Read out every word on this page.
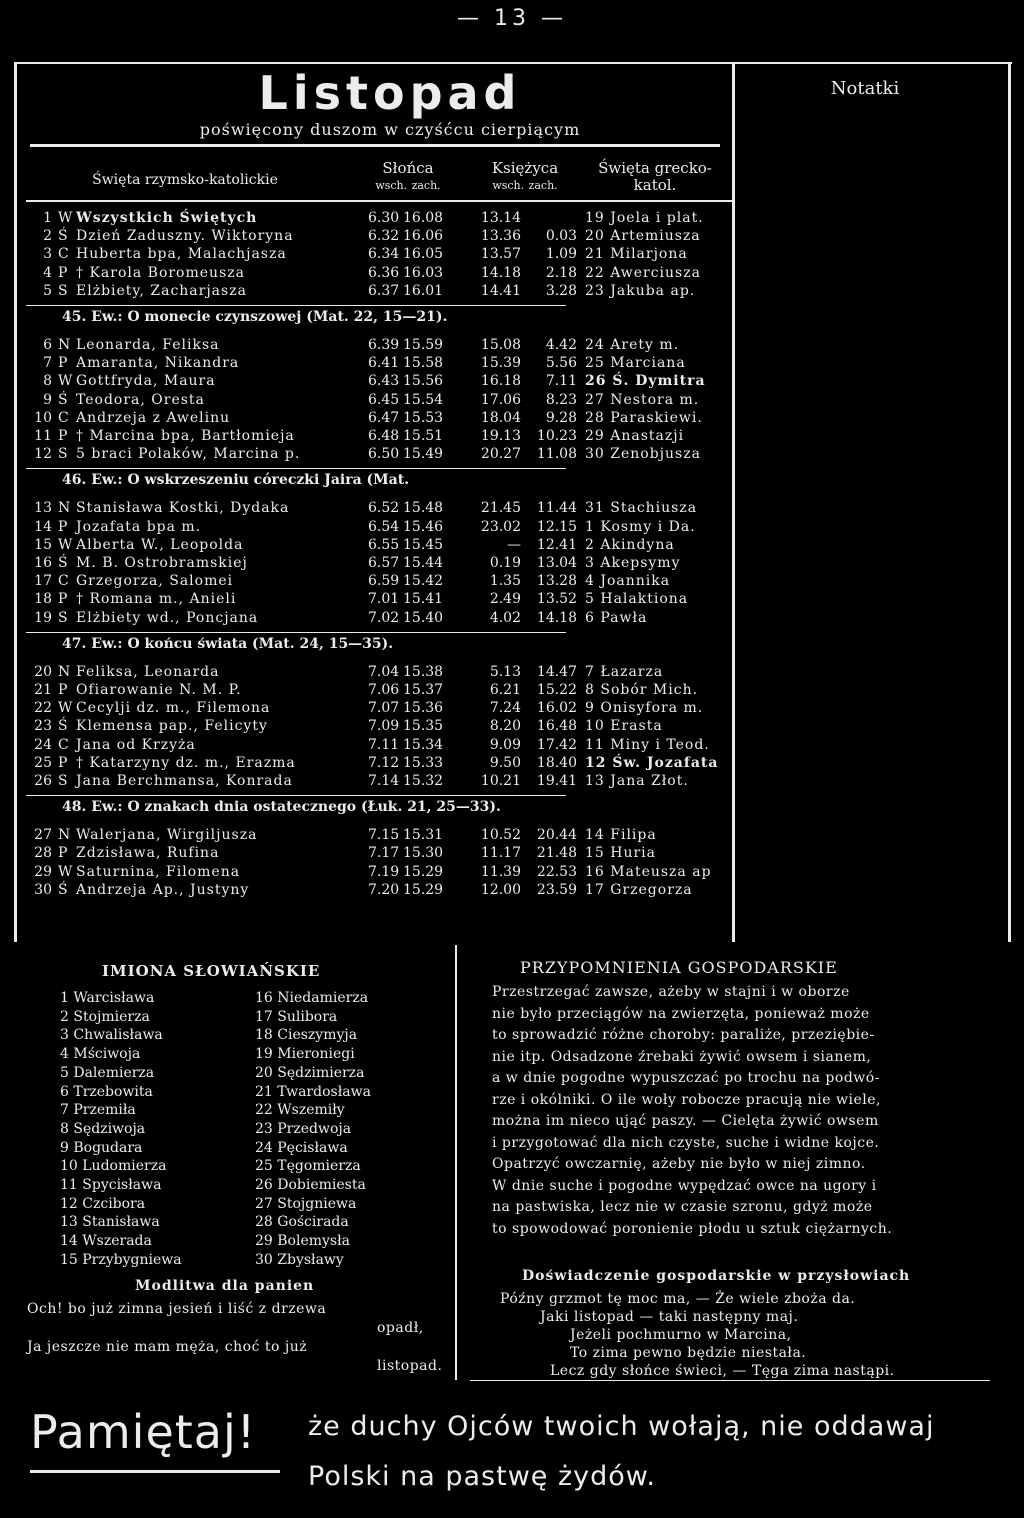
— 13 —
Listopad
poświęcony duszom w czyśćcu cierpiącym
Notatki
Święta rzymsko-katolickie
Słońca
wsch. zach.
Księżyca
wsch. zach.
Święta grecko-katol.
1 W Wszystkich Świętych	6.30 16.08	13.14	19 Joela i plat.
2 Ś Dzień Zaduszny. Wiktoryna	6.32 16.06	13.36	0.03 20 Artemiusza
3 C Huberta bpa, Malachjasza	6.34 16.05	13.57	1.09 21 Milarjona
4 P † Karola Boromeusza	6.36 16.03	14.18	2.18 22 Awerciusza
5 S Elżbiety, Zacharjasza	6.37 16.01	14.41	3.28 23 Jakuba ap.
45. Ew.: O monecie czynszowej (Mat. 22, 15—21).
6 N Leonarda, Feliksa	6.39 15.59	15.08	4.42 24 Arety m.
7 P Amaranta, Nikandra	6.41 15.58	15.39	5.56 25 Marciana
8 W Gottfryda, Maura	6.43 15.56	16.18	7.11 26 Ś. Dymitra
9 Ś Teodora, Oresta	6.45 15.54	17.06	8.23 27 Nestora m.
10 C Andrzeja z Awelinu	6.47 15.53	18.04	9.28 28 Paraskiewi.
11 P † Marcina bpa, Bartłomieja	6.48 15.51	19.13	10.23 29 Anastazji
12 S 5 braci Polaków, Marcina p.	6.50 15.49	20.27	11.08 30 Zenobjusza
46. Ew.: O wskrzeszeniu córeczki Jaira (Mat.
13 N Stanisława Kostki, Dydaka	6.52 15.48	21.45	11.44 31 Stachiusza
14 P Jozafata bpa m.	6.54 15.46	23.02	12.15 1 Kosmy i Da.
15 W Alberta W., Leopolda	6.55 15.45	—	12.41 2 Akindyna
16 Ś M. B. Ostrobramskiej	6.57 15.44	0.19	13.04 3 Akepsymy
17 C Grzegorza, Salomei	6.59 15.42	1.35	13.28 4 Joannika
18 P † Romana m., Anieli	7.01 15.41	2.49	13.52 5 Halaktiona
19 S Elżbiety wd., Poncjana	7.02 15.40	4.02	14.18 6 Pawła
47. Ew.: O końcu świata (Mat. 24, 15—35).
20 N Feliksa, Leonarda	7.04 15.38	5.13	14.47 7 Łazarza
21 P Ofiarowanie N. M. P.	7.06 15.37	6.21	15.22 8 Sobór Mich.
22 W Cecylji dz. m., Filemona	7.07 15.36	7.24	16.02 9 Onisyfora m.
23 Ś Klemensa pap., Felicyty	7.09 15.35	8.20	16.48 10 Erasta
24 C Jana od Krzyża	7.11 15.34	9.09	17.42 11 Miny i Teod.
25 P † Katarzyny dz. m., Erazma	7.12 15.33	9.50	18.40 12 Św. Jozafata
26 S Jana Berchmansa, Konrada	7.14 15.32	10.21	19.41 13 Jana Złot.
48. Ew.: O znakach dnia ostatecznego (Łuk. 21, 25—33).
27 N Walerjana, Wirgiljusza	7.15 15.31	10.52	20.44 14 Filipa
28 P Zdzisława, Rufina	7.17 15.30	11.17	21.48 15 Huria
29 W Saturnina, Filomena	7.19 15.29	11.39	22.53 16 Mateusza ap
30 Ś Andrzeja Ap., Justyny	7.20 15.29	12.00	23.59 17 Grzegorza
IMIONA SŁOWIAŃSKIE
1 Warcisława
2 Stojmierza
3 Chwalisława
4 Mściwoja
5 Dalemierza
6 Trzebowita
7 Przemiła
8 Sędziwoja
9 Bogudara
10 Ludomierza
11 Spycisława
12 Czcibora
13 Stanisława
14 Wszerada
15 Przybygniewa
16 Niedamierza
17 Sulibora
18 Cieszymyja
19 Mieroniegi
20 Sędzimierza
21 Twardosława
22 Wszemiły
23 Przedwoja
24 Pęcisława
25 Tęgomierza
26 Dobiemiesta
27 Stojgniewa
28 Gościrada
29 Bolemysła
30 Zbysławy
Modlitwa dla panien
Och! bo już zimna jesień i liść z drzewa
opadł,
Ja jeszcze nie mam męża, choć to już
listopad.
PRZYPOMNIENIA GOSPODARSKIE
Przestrzegać zawsze, ażeby w stajni i w oborze
nie było przeciągów na zwierzęta, ponieważ może
to sprowadzić różne choroby: paraliże, przeziębie-
nie itp. Odsadzone źrebaki żywić owsem i sianem,
a w dnie pogodne wypuszczać po trochu na podwó-
rze i okólniki. O ile woły robocze pracują nie wiele,
można im nieco ująć paszy. — Cielęta żywić owsem
i przygotować dla nich czyste, suche i widne kojce.
Opatrzyć owczarnię, ażeby nie było w niej zimno.
W dnie suche i pogodne wypędzać owce na ugory i
na pastwiska, lecz nie w czasie szronu, gdyż może
to spowodować poronienie płodu u sztuk ciężarnych.
Doświadczenie gospodarskie w przysłowiach
Późny grzmot tę moc ma, — Że wiele zboża da.
Jaki listopad — taki następny maj.
Jeżeli pochmurno w Marcina,
To zima pewno będzie niestała.
Lecz gdy słońce świeci, — Tęga zima nastąpi.
Pamiętaj! że duchy Ojców twoich wołają, nie oddawaj
Polski na pastwę żydów.
